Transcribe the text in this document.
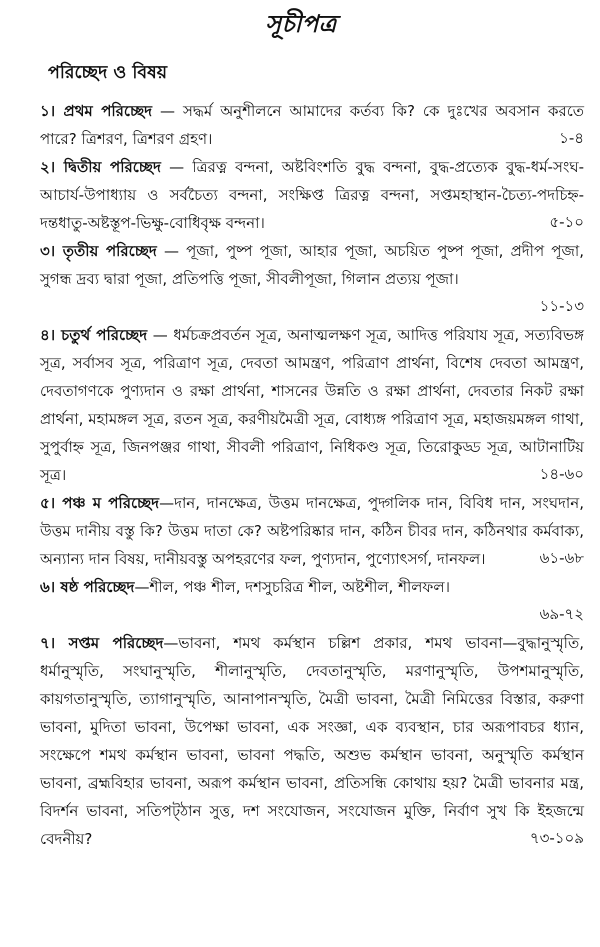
সূচীপত্র
পরিচ্ছেদ ও বিষয়
১। প্রথম পরিচ্ছেদ — সদ্ধর্ম অনুশীলনে আমাদের কর্তব্য কি? কে দুঃখের অবসান করতে পারে? ত্রিশরণ, ত্রিশরণ গ্রহণ।	১-৪
২। দ্বিতীয় পরিচ্ছেদ — ত্রিরত্ন বন্দনা, অষ্টবিংশতি বুদ্ধ বন্দনা, বুদ্ধ-প্রত্যেক বুদ্ধ-ধর্ম-সংঘ-আচার্য-উপাধ্যায় ও সর্বচৈত্য বন্দনা, সংক্ষিপ্ত ত্রিরত্ন বন্দনা, সপ্তমহাস্থান-চৈত্য-পদচিহ্ন-দন্তধাতু-অষ্টস্তূপ-ভিক্ষু-বোধিবৃক্ষ বন্দনা।	৫-১০
৩। তৃতীয় পরিচ্ছেদ — পূজা, পুষ্প পূজা, আহার পূজা, অচয়িত পুষ্প পূজা, প্রদীপ পূজা, সুগন্ধ দ্রব্য দ্বারা পূজা, প্রতিপত্তি পূজা, সীবলীপূজা, গিলান প্রত্যয় পূজা।
১১-১৩
৪। চতুর্থ পরিচ্ছেদ — ধর্মচক্রপ্রবর্তন সূত্র, অনাত্মলক্ষণ সূত্র, আদিত্ত পরিযায সূত্র, সত্যবিভঙ্গ সূত্র, সর্বাসব সূত্র, পরিত্রাণ সূত্র, দেবতা আমন্ত্রণ, পরিত্রাণ প্রার্থনা, বিশেষ দেবতা আমন্ত্রণ, দেবতাগণকে পুণ্যদান ও রক্ষা প্রার্থনা, শাসনের উন্নতি ও রক্ষা প্রার্থনা, দেবতার নিকট রক্ষা প্রার্থনা, মহামঙ্গল সূত্র, রতন সূত্র, করণীয়মৈত্রী সূত্র, বোধ্যঙ্গ পরিত্রাণ সূত্র, মহাজয়মঙ্গল গাথা, সুপুর্বাহ্ন সূত্র, জিনপঞ্জর গাথা, সীবলী পরিত্রাণ, নিধিকণ্ড সূত্র, তিরোকুড্ড সূত্র, আটানাটিয় সূত্র।	১৪-৬০
৫। পঞ্চ ম পরিচ্ছেদ—দান, দানক্ষেত্র, উত্তম দানক্ষেত্র, পুদ্গলিক দান, বিবিধ দান, সংঘদান, উত্তম দানীয় বস্তু কি? উত্তম দাতা কে? অষ্টপরিষ্কার দান, কঠিন চীবর দান, কঠিনথার কর্মবাক্য, অন্যান্য দান বিষয়, দানীয়বস্তু অপহরণের ফল, পুণ্যদান, পুণ্যোৎসর্গ, দানফল।	৬১-৬৮
৬। ষষ্ঠ পরিচ্ছেদ—শীল, পঞ্চ শীল, দশসুচরিত্র শীল, অষ্টশীল, শীলফল।
৬৯-৭২
৭। সপ্তম পরিচ্ছেদ—ভাবনা, শমথ কর্মস্থান চল্লিশ প্রকার, শমথ ভাবনা—বুদ্ধানুস্মৃতি, ধর্মানুস্মৃতি, সংঘানুস্মৃতি, শীলানুস্মৃতি, দেবতানুস্মৃতি, মরণানুস্মৃতি, উপশমানুস্মৃতি, কায়গতানুস্মৃতি, ত্যাগানুস্মৃতি, আনাপানস্মৃতি, মৈত্রী ভাবনা, মৈত্রী নিমিত্তের বিস্তার, করুণা ভাবনা, মুদিতা ভাবনা, উপেক্ষা ভাবনা, এক সংজ্ঞা, এক ব্যবস্থান, চার অরূপাবচর ধ্যান, সংক্ষেপে শমথ কর্মস্থান ভাবনা, ভাবনা পদ্ধতি, অশুভ কর্মস্থান ভাবনা, অনুস্মৃতি কর্মস্থান ভাবনা, ব্রহ্মবিহার ভাবনা, অরূপ কর্মস্থান ভাবনা, প্রতিসন্ধি কোথায় হয়? মৈত্রী ভাবনার মন্ত্র, বিদর্শন ভাবনা, সতিপট্ঠান সুত্ত, দশ সংযোজন, সংযোজন মুক্তি, নির্বাণ সুখ কি ইহজন্মে বেদনীয়?	৭৩-১০৯
